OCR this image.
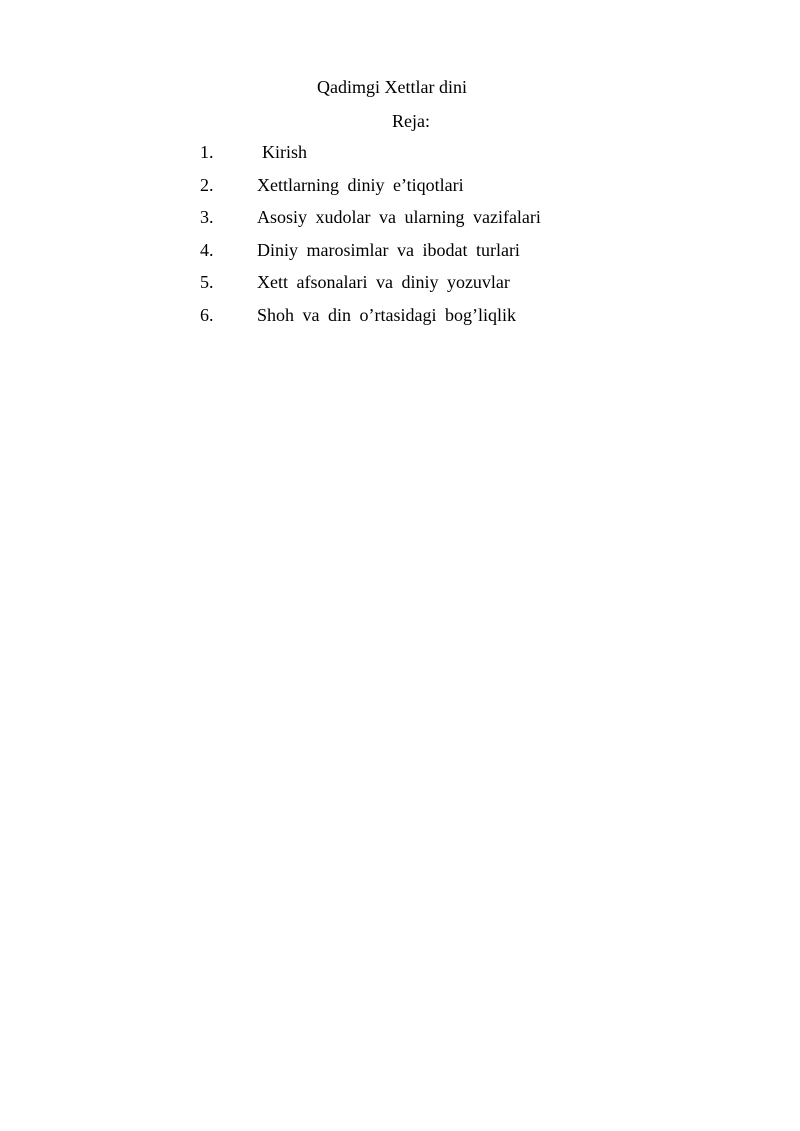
Qadimgi Xettlar dini
Reja:
1.	Kirish
2. Xettlarning diniy e’tiqotlari
3. Asosiy xudolar va ularning vazifalari
4. Diniy marosimlar va ibodat turlari
5. Xett afsonalari va diniy yozuvlar
6. Shoh va din o’rtasidagi bog’liqlik
